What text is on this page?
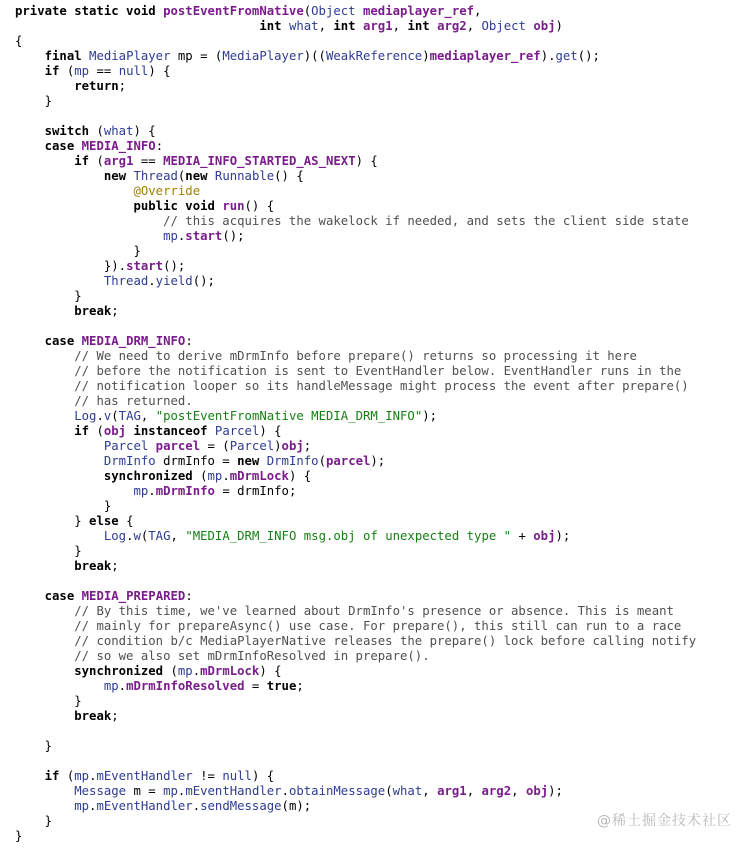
private static void postEventFromNative(Object mediaplayer_ref,
int what, int arg1, int arg2, Object obj)
{
final MediaPlayer mp = (MediaPlayer)((WeakReference)mediaplayer_ref).get();
if (mp == null) {
return;
}
switch (what) {
case MEDIA_INFO:
if (arg1 == MEDIA_INFO_STARTED_AS_NEXT) {
new Thread(new Runnable() {
@Override
public void run() {
// this acquires the wakelock if needed, and sets the client side state
mp.start();
}
}).start();
Thread.yield();
}
break;
case MEDIA_DRM_INFO:
// We need to derive mDrmInfo before prepare() returns so processing it here
// before the notification is sent to EventHandler below. EventHandler runs in the
// notification looper so its handleMessage might process the event after prepare()
// has returned.
Log.v(TAG, "postEventFromNative MEDIA_DRM_INFO");
if (obj instanceof Parcel) {
Parcel parcel = (Parcel)obj;
DrmInfo drmInfo = new DrmInfo(parcel);
synchronized (mp.mDrmLock) {
mp.mDrmInfo = drmInfo;
}
} else {
Log.w(TAG, "MEDIA_DRM_INFO msg.obj of unexpected type " + obj);
}
break;
case MEDIA_PREPARED:
// By this time, we've learned about DrmInfo's presence or absence. This is meant
// mainly for prepareAsync() use case. For prepare(), this still can run to a race
// condition b/c MediaPlayerNative releases the prepare() lock before calling notify
// so we also set mDrmInfoResolved in prepare().
synchronized (mp.mDrmLock) {
mp.mDrmInfoResolved = true;
}
break;
}
if (mp.mEventHandler != null) {
Message m = mp.mEventHandler.obtainMessage(what, arg1, arg2, obj);
mp.mEventHandler.sendMessage(m);
}
}
@稀土掘金技术社区
